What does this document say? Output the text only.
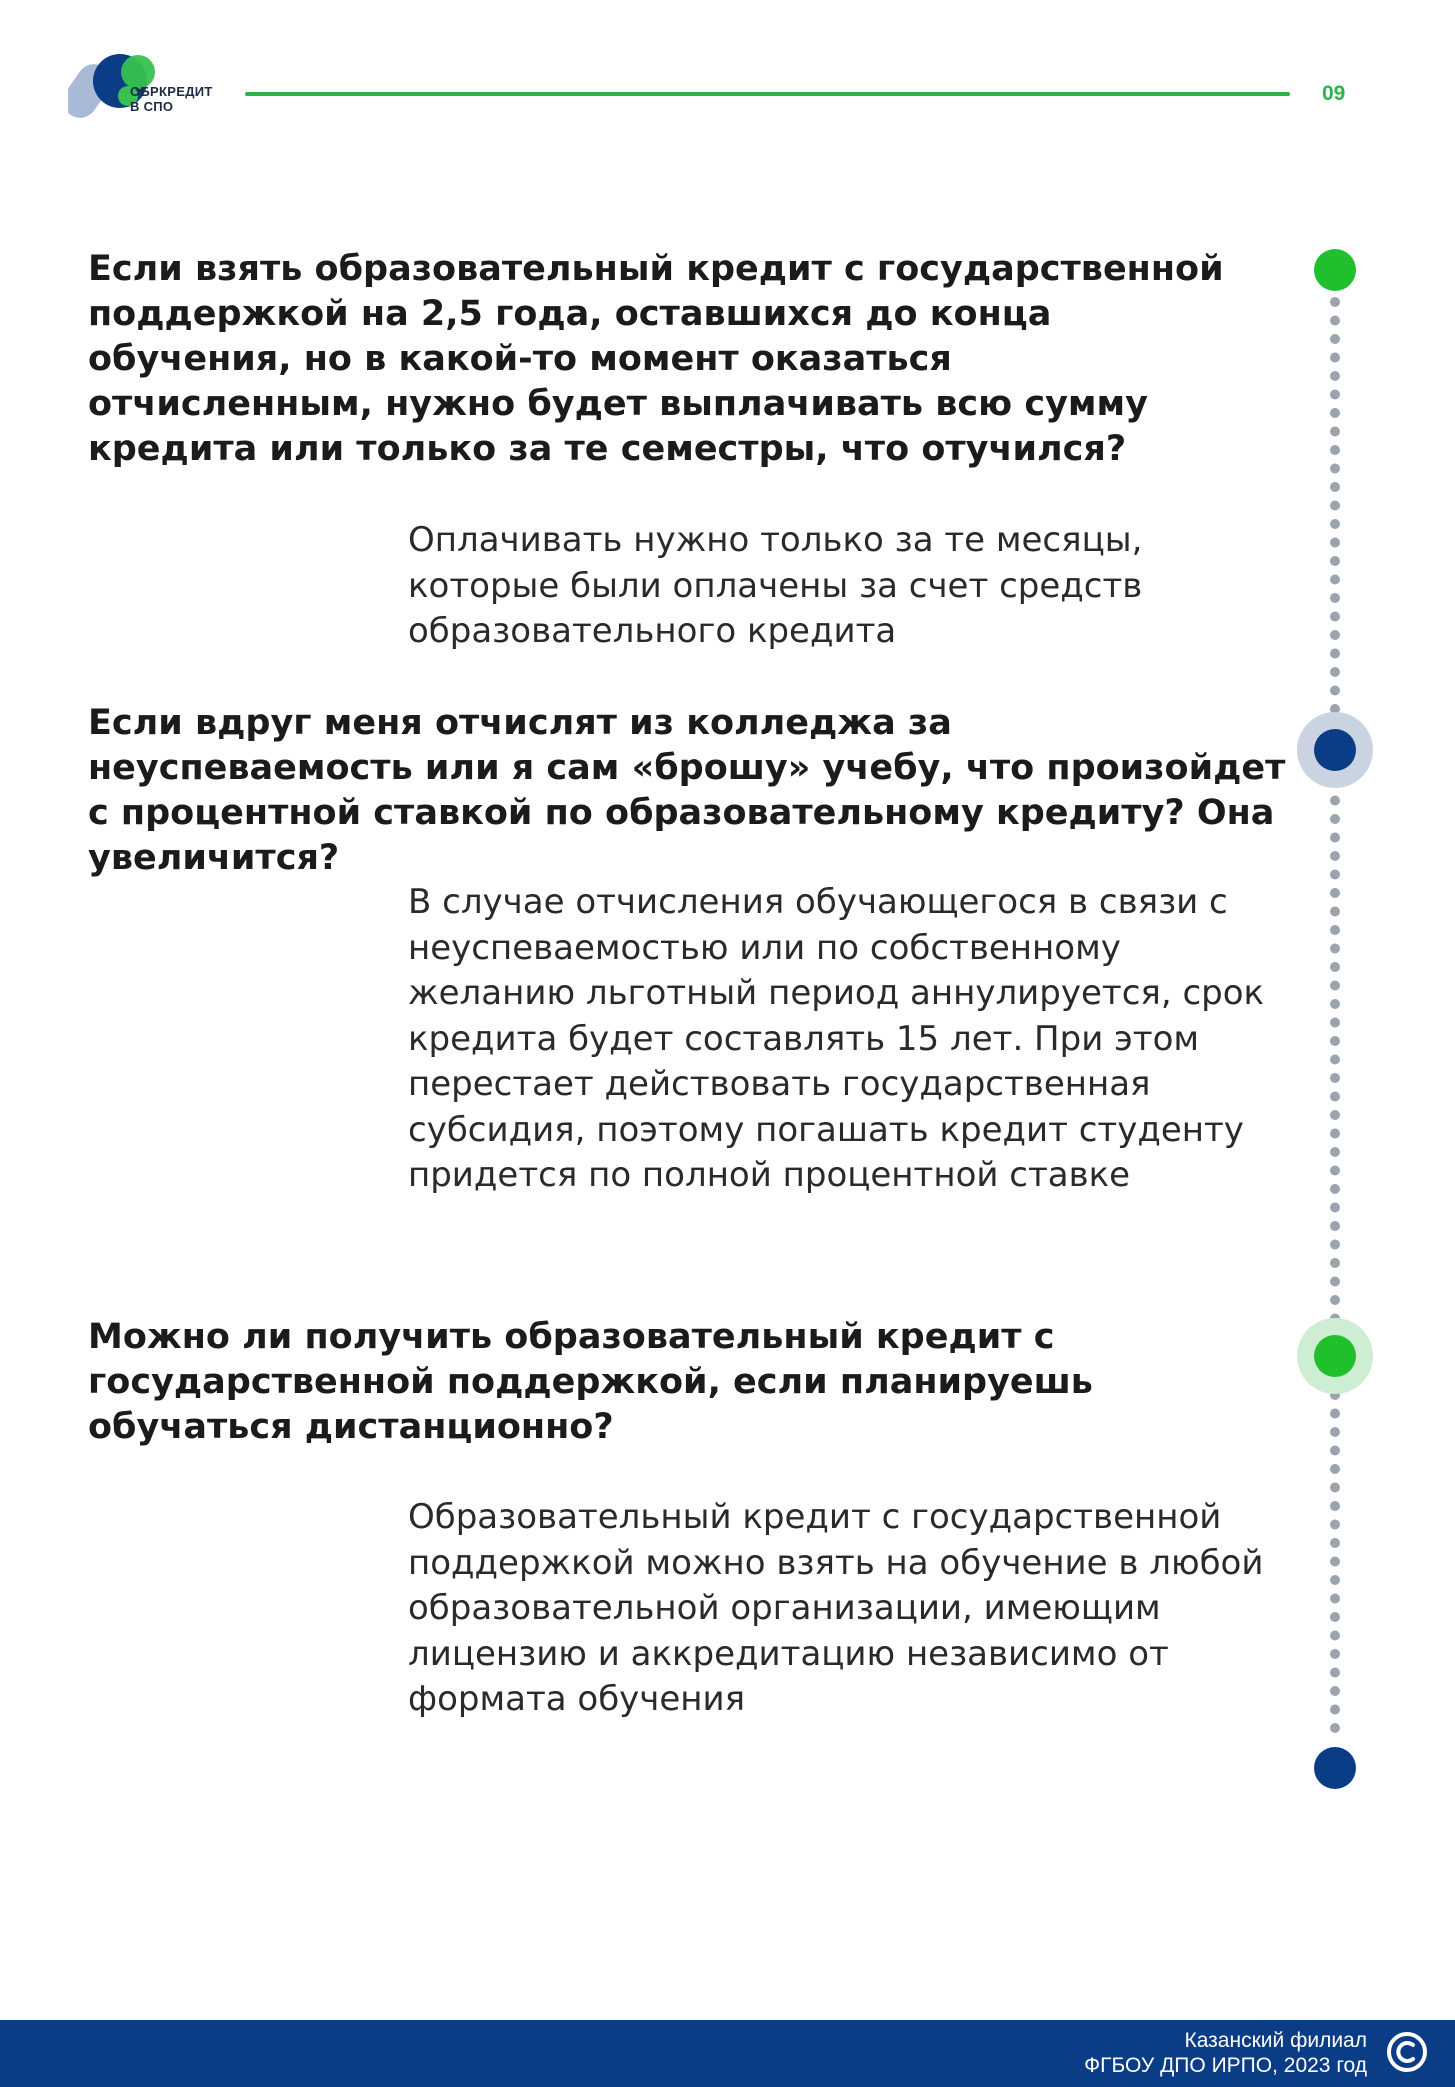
ОБРКРЕДИТ
В СПО
09

Если взять образовательный кредит с государственной поддержкой на 2,5 года, оставшихся до конца обучения, но в какой-то момент оказаться отчисленным, нужно будет выплачивать всю сумму кредита или только за те семестры, что отучился?

Оплачивать нужно только за те месяцы, которые были оплачены за счет средств образовательного кредита

Если вдруг меня отчислят из колледжа за неуспеваемость или я сам «брошу» учебу, что произойдет с процентной ставкой по образовательному кредиту? Она увеличится?

В случае отчисления обучающегося в связи с неуспеваемостью или по собственному желанию льготный период аннулируется, срок кредита будет составлять 15 лет. При этом перестает действовать государственная субсидия, поэтому погашать кредит студенту придется по полной процентной ставке

Можно ли получить образовательный кредит с государственной поддержкой, если планируешь обучаться дистанционно?

Образовательный кредит с государственной поддержкой можно взять на обучение в любой образовательной организации, имеющим лицензию и аккредитацию независимо от формата обучения

Казанский филиал
ФГБОУ ДПО ИРПО, 2023 год
